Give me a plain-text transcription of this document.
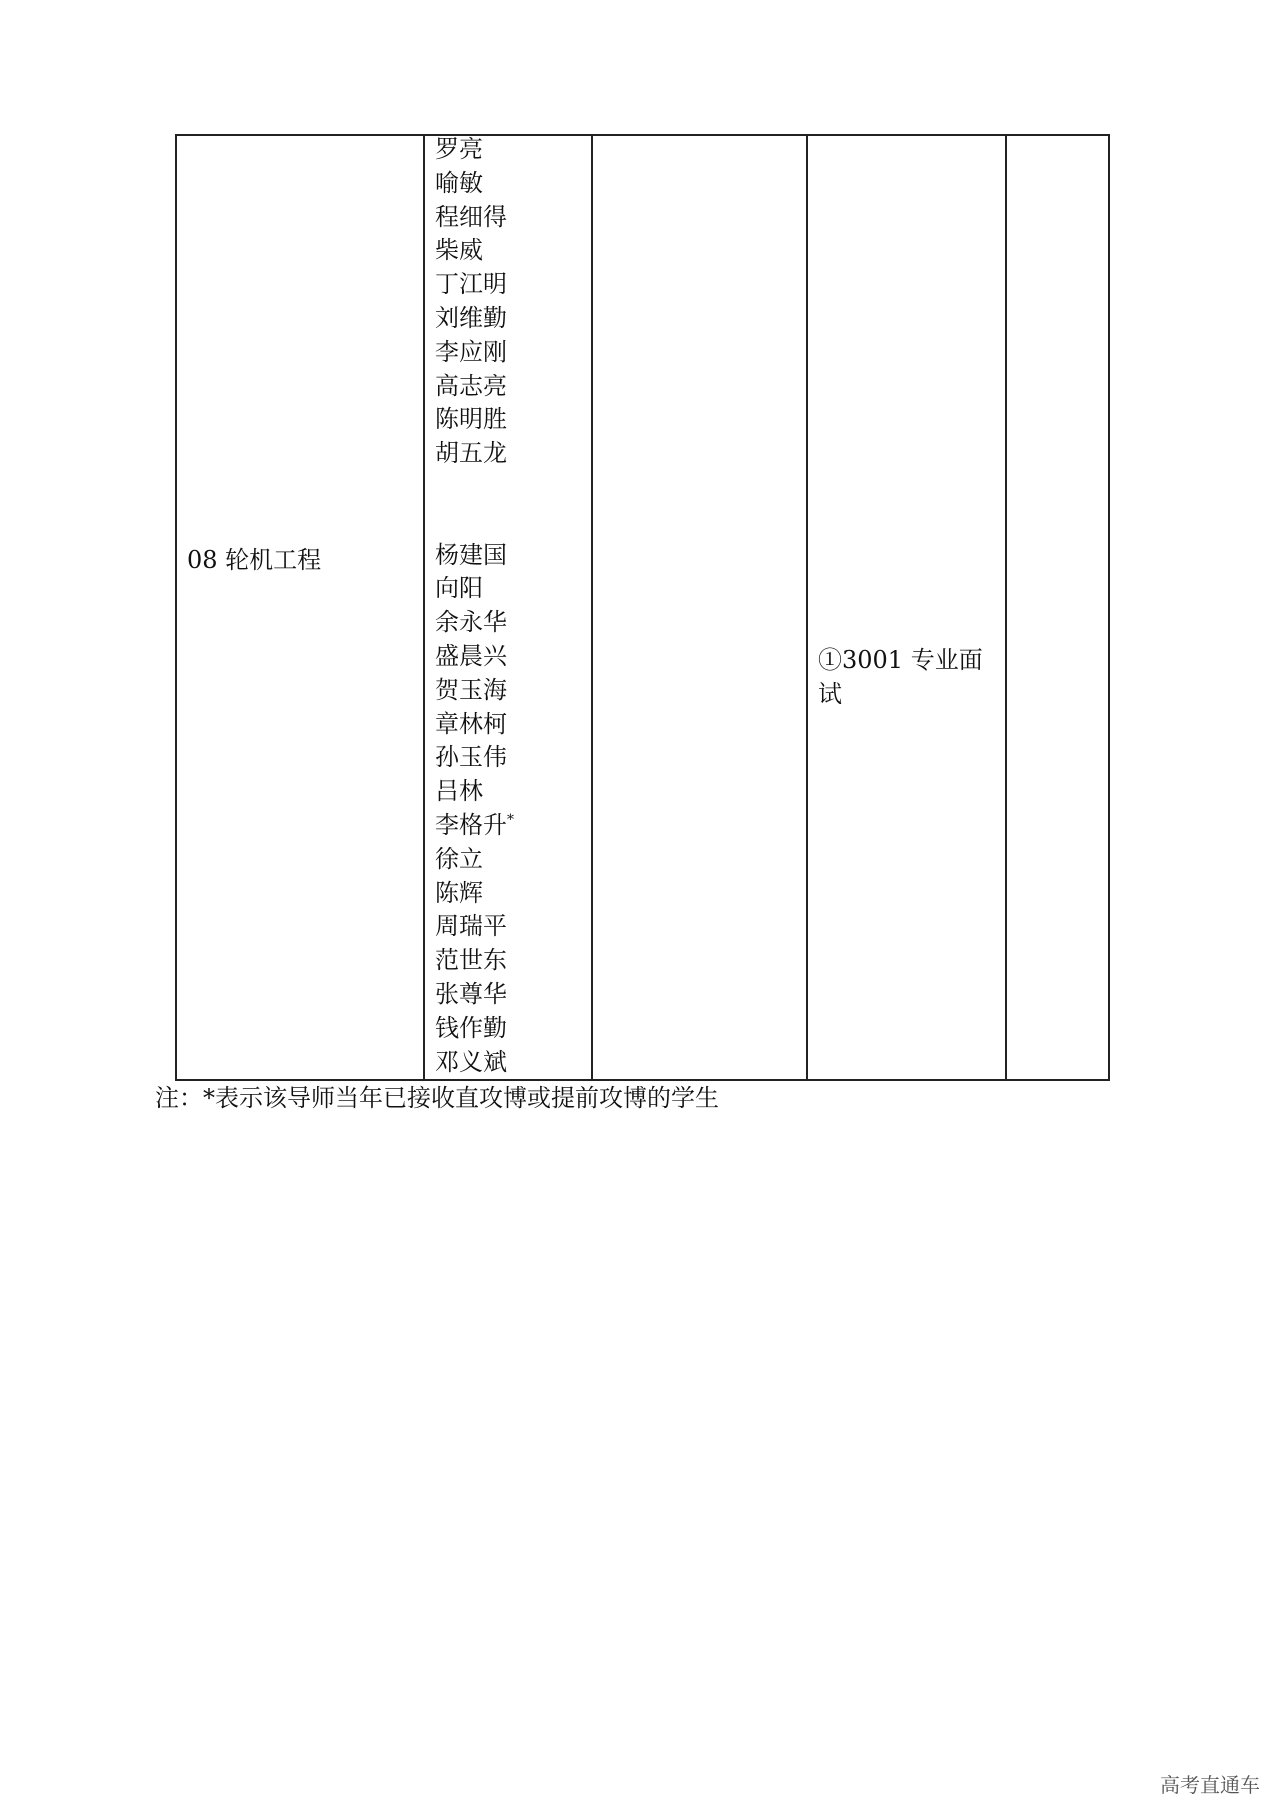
08 轮机工程
罗亮
喻敏
程细得
柴威
丁江明
刘维勤
李应刚
高志亮
陈明胜
胡五龙
杨建国
向阳
余永华
盛晨兴
贺玉海
章林柯
孙玉伟
吕林
李格升*
徐立
陈辉
周瑞平
范世东
张尊华
钱作勤
邓义斌
①3001 专业面试
注：*表示该导师当年已接收直攻博或提前攻博的学生
高考直通车
